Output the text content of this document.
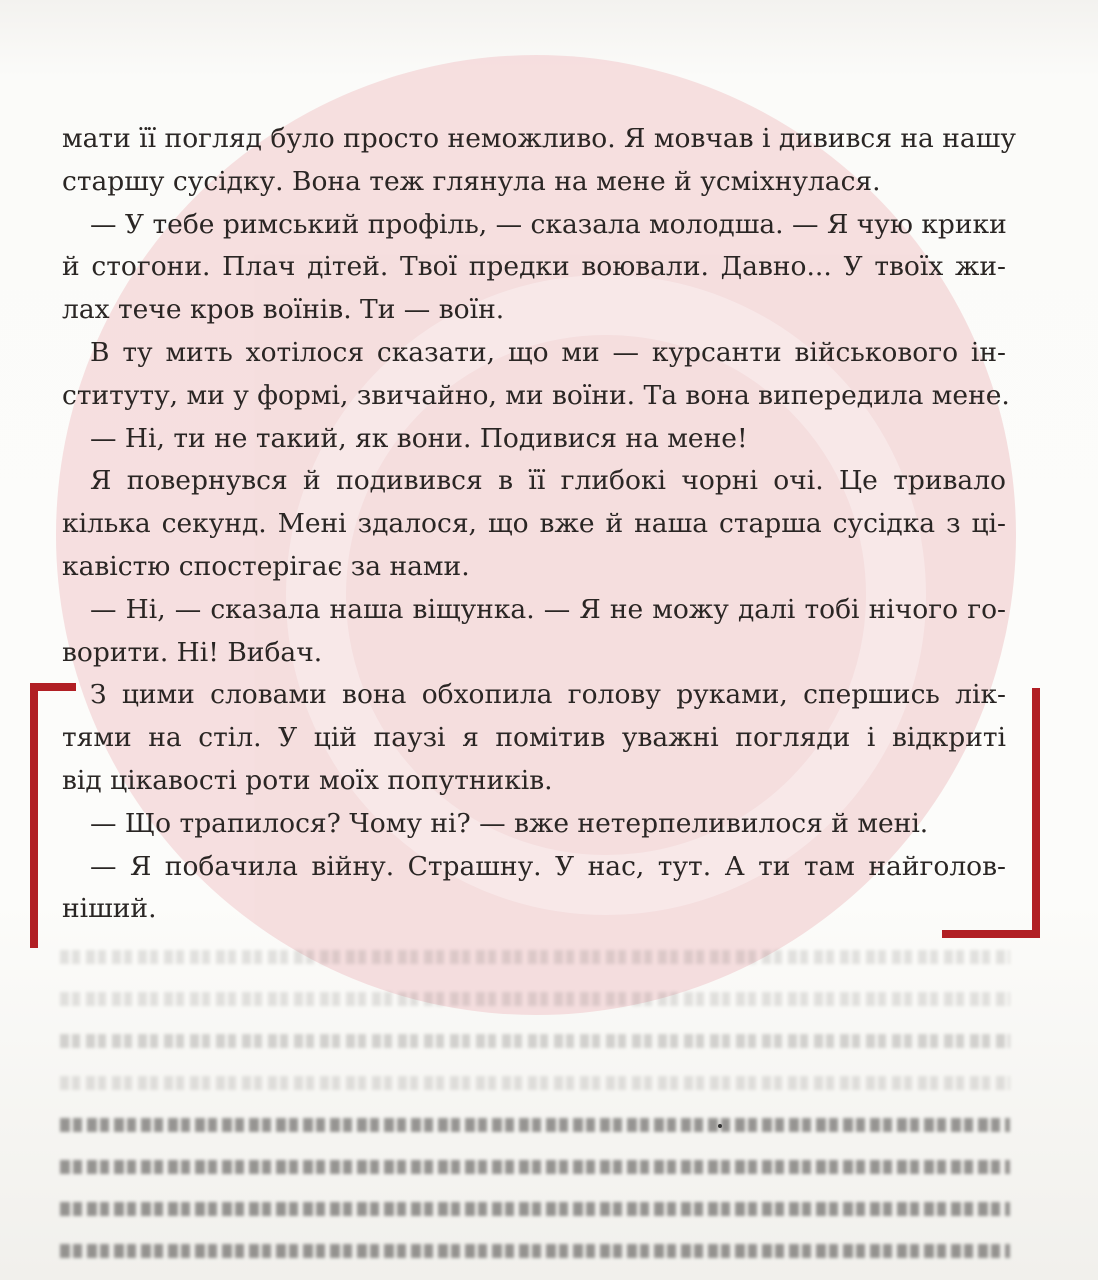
мати її погляд було просто неможливо. Я мовчав і дивився на нашу
старшу сусідку. Вона теж глянула на мене й усміхнулася.
— У тебе римський профіль, — сказала молодша. — Я чую крики
й стогони. Плач дітей. Твої предки воювали. Давно... У твоїх жи-
лах тече кров воїнів. Ти — воїн.
В ту мить хотілося сказати, що ми — курсанти військового ін-
ституту, ми у формі, звичайно, ми воїни. Та вона випередила мене.
— Ні, ти не такий, як вони. Подивися на мене!
Я повернувся й подивився в її глибокі чорні очі. Це тривало
кілька секунд. Мені здалося, що вже й наша старша сусідка з ці-
кавістю спостерігає за нами.
— Ні, — сказала наша віщунка. — Я не можу далі тобі нічого го-
ворити. Ні! Вибач.
З цими словами вона обхопила голову руками, спершись лік-
тями на стіл. У цій паузі я помітив уважні погляди і відкриті
від цікавості роти моїх попутників.
— Що трапилося? Чому ні? — вже нетерпеливилося й мені.
— Я побачила війну. Страшну. У нас, тут. А ти там найголов-
ніший.
